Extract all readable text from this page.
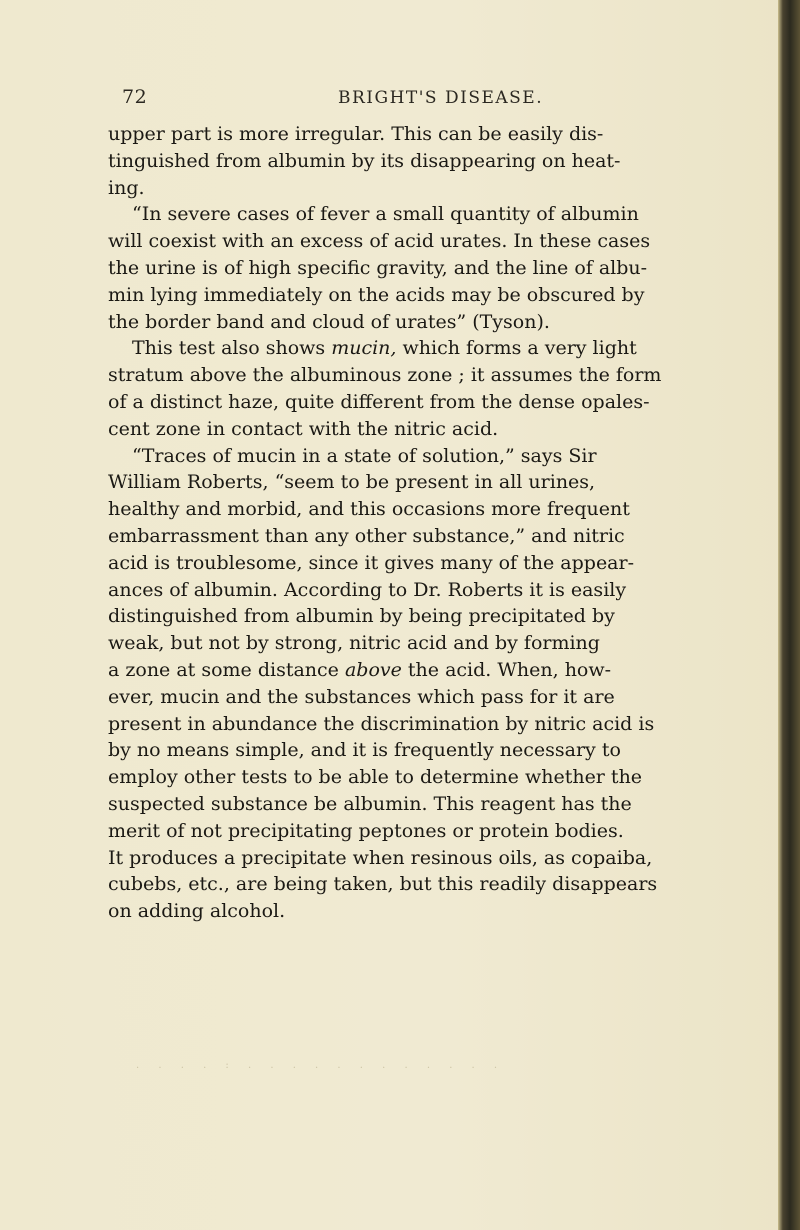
72	BRIGHT'S DISEASE.
upper part is more irregular. This can be easily dis-
tinguished from albumin by its disappearing on heat-
ing.
“In severe cases of fever a small quantity of albumin
will coexist with an excess of acid urates. In these cases
the urine is of high specific gravity, and the line of albu-
min lying immediately on the acids may be obscured by
the border band and cloud of urates” (Tyson).
This test also shows mucin, which forms a very light
stratum above the albuminous zone ; it assumes the form
of a distinct haze, quite different from the dense opales-
cent zone in contact with the nitric acid.
“Traces of mucin in a state of solution,” says Sir
William Roberts, “seem to be present in all urines,
healthy and morbid, and this occasions more frequent
embarrassment than any other substance,” and nitric
acid is troublesome, since it gives many of the appear-
ances of albumin. According to Dr. Roberts it is easily
distinguished from albumin by being precipitated by
weak, but not by strong, nitric acid and by forming
a zone at some distance above the acid. When, how-
ever, mucin and the substances which pass for it are
present in abundance the discrimination by nitric acid is
by no means simple, and it is frequently necessary to
employ other tests to be able to determine whether the
suspected substance be albumin. This reagent has the
merit of not precipitating peptones or protein bodies.
It produces a precipitate when resinous oils, as copaiba,
cubebs, etc., are being taken, but this readily disappears
on adding alcohol.
. . . . : . . . . . . . . . . . .
